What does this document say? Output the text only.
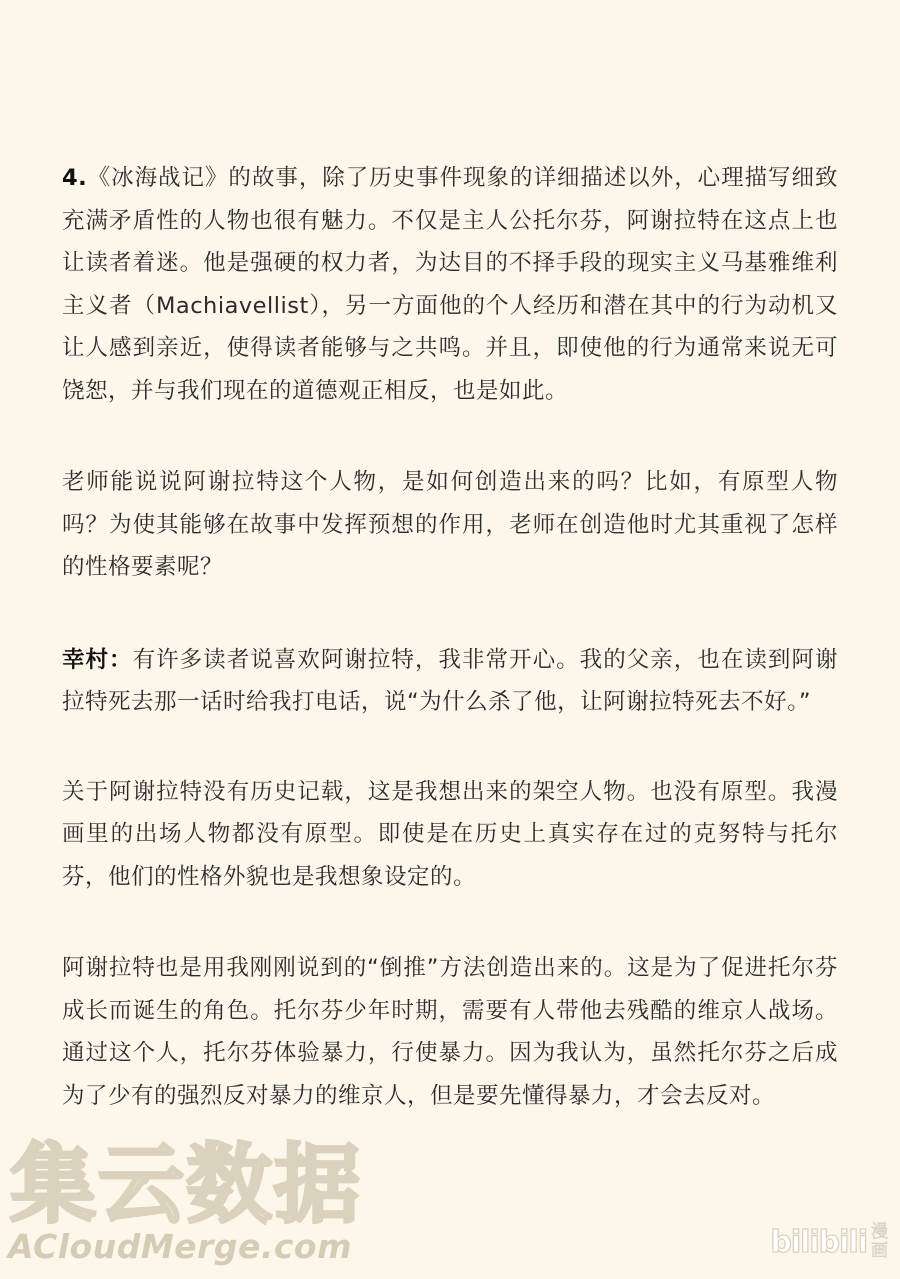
4.《冰海战记》的故事，除了历史事件现象的详细描述以外，心理描写细致充满矛盾性的人物也很有魅力。不仅是主人公托尔芬，阿谢拉特在这点上也让读者着迷。他是强硬的权力者，为达目的不择手段的现实主义马基雅维利主义者（Machiavellist），另一方面他的个人经历和潜在其中的行为动机又让人感到亲近，使得读者能够与之共鸣。并且，即使他的行为通常来说无可饶恕，并与我们现在的道德观正相反，也是如此。

老师能说说阿谢拉特这个人物，是如何创造出来的吗？比如，有原型人物吗？为使其能够在故事中发挥预想的作用，老师在创造他时尤其重视了怎样的性格要素呢？

幸村：有许多读者说喜欢阿谢拉特，我非常开心。我的父亲，也在读到阿谢拉特死去那一话时给我打电话，说“为什么杀了他，让阿谢拉特死去不好。”

关于阿谢拉特没有历史记载，这是我想出来的架空人物。也没有原型。我漫画里的出场人物都没有原型。即使是在历史上真实存在过的克努特与托尔芬，他们的性格外貌也是我想象设定的。

阿谢拉特也是用我刚刚说到的“倒推”方法创造出来的。这是为了促进托尔芬成长而诞生的角色。托尔芬少年时期，需要有人带他去残酷的维京人战场。通过这个人，托尔芬体验暴力，行使暴力。因为我认为，虽然托尔芬之后成为了少有的强烈反对暴力的维京人，但是要先懂得暴力，才会去反对。

集云数据
ACloudMerge.com	bilibili 漫
画
